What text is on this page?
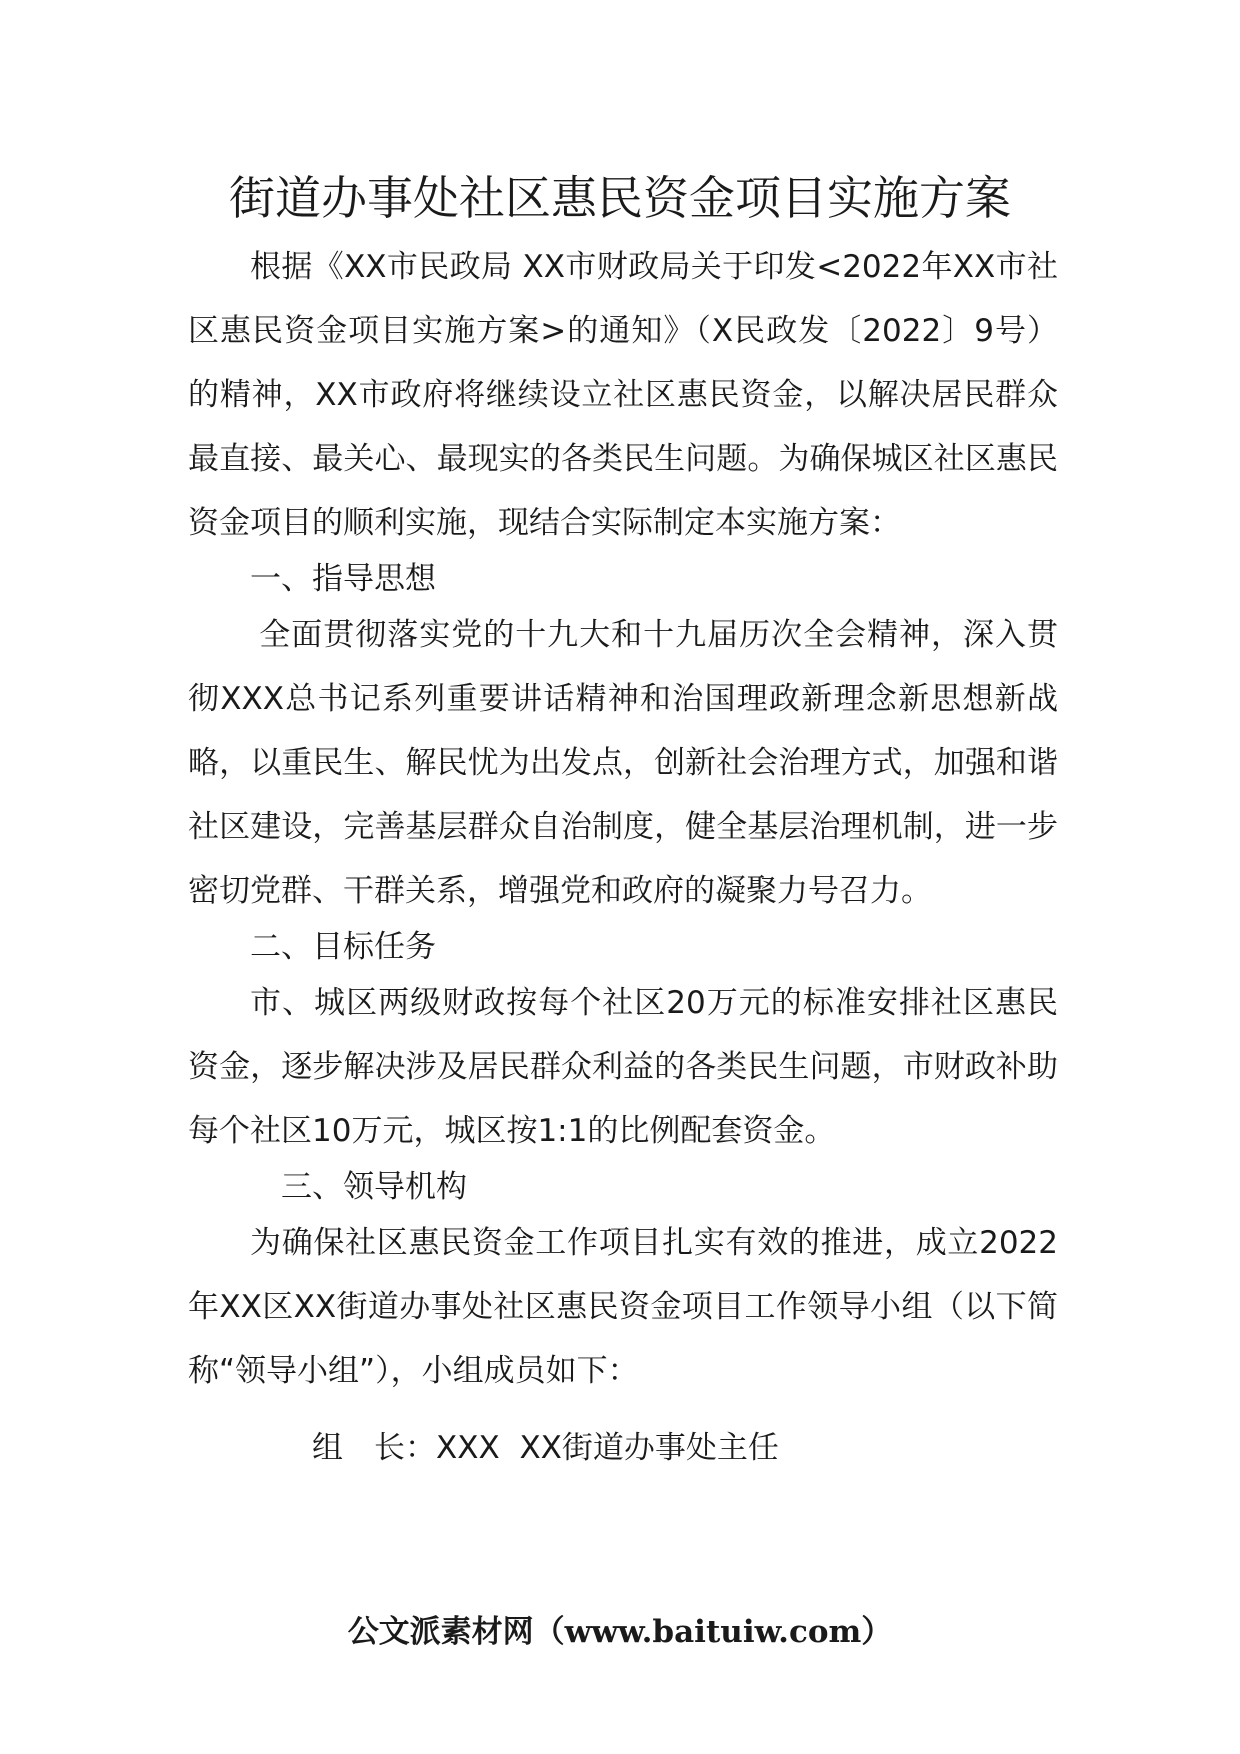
街道办事处社区惠民资金项目实施方案

根据《XX市民政局 XX市财政局关于印发<2022年XX市社区惠民资金项目实施方案>的通知》（X民政发〔2022〕9号）的精神，XX市政府将继续设立社区惠民资金，以解决居民群众最直接、最关心、最现实的各类民生问题。为确保城区社区惠民资金项目的顺利实施，现结合实际制定本实施方案：

一、指导思想

全面贯彻落实党的十九大和十九届历次全会精神，深入贯彻XXX总书记系列重要讲话精神和治国理政新理念新思想新战略，以重民生、解民忧为出发点，创新社会治理方式，加强和谐社区建设，完善基层群众自治制度，健全基层治理机制，进一步密切党群、干群关系，增强党和政府的凝聚力号召力。

二、目标任务

市、城区两级财政按每个社区20万元的标准安排社区惠民资金，逐步解决涉及居民群众利益的各类民生问题，市财政补助每个社区10万元，城区按1:1的比例配套资金。

三、领导机构

为确保社区惠民资金工作项目扎实有效的推进，成立2022年XX区XX街道办事处社区惠民资金项目工作领导小组（以下简称“领导小组”），小组成员如下：

组　长：XXX XX街道办事处主任

公文派素材网（www.baituiw.com）
